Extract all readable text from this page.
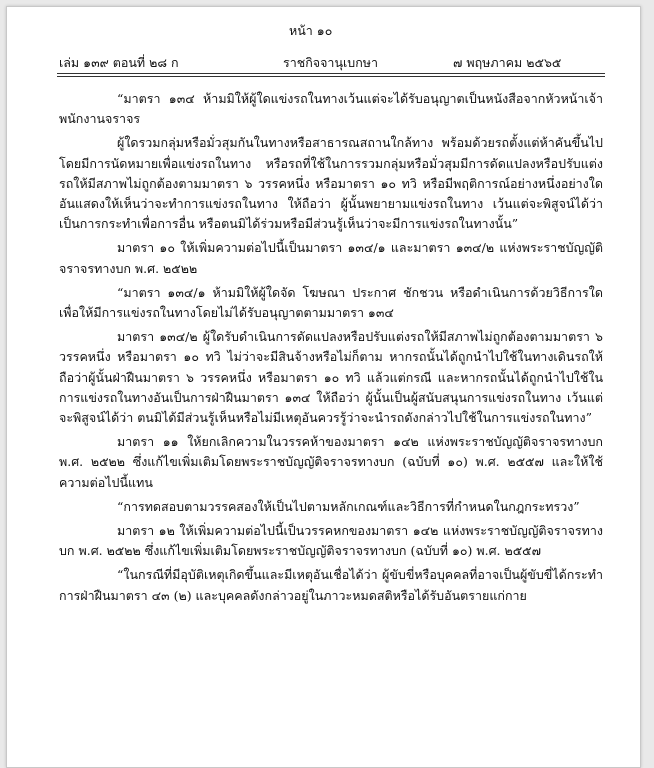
หน้า ๑๐
เล่ม ๑๓๙ ตอนที่ ๒๘ ก	ราชกิจจานุเบกษา	๗ พฤษภาคม ๒๕๖๕

“มาตรา ๑๓๔ ห้ามมิให้ผู้ใดแข่งรถในทางเว้นแต่จะได้รับอนุญาตเป็นหนังสือจากหัวหน้าเจ้าพนักงานจราจร

ผู้ใดรวมกลุ่มหรือมั่วสุมกันในทางหรือสาธารณสถานใกล้ทาง พร้อมด้วยรถตั้งแต่ห้าคันขึ้นไปโดยมีการนัดหมายเพื่อแข่งรถในทาง หรือรถที่ใช้ในการรวมกลุ่มหรือมั่วสุมมีการดัดแปลงหรือปรับแต่งรถให้มีสภาพไม่ถูกต้องตามมาตรา ๖ วรรคหนึ่ง หรือมาตรา ๑๐ ทวิ หรือมีพฤติการณ์อย่างหนึ่งอย่างใดอันแสดงให้เห็นว่าจะทำการแข่งรถในทาง ให้ถือว่า ผู้นั้นพยายามแข่งรถในทาง เว้นแต่จะพิสูจน์ได้ว่าเป็นการกระทำเพื่อการอื่น หรือตนมิได้ร่วมหรือมีส่วนรู้เห็นว่าจะมีการแข่งรถในทางนั้น”

มาตรา ๑๐ ให้เพิ่มความต่อไปนี้เป็นมาตรา ๑๓๔/๑ และมาตรา ๑๓๔/๒ แห่งพระราชบัญญัติจราจรทางบก พ.ศ. ๒๕๒๒

“มาตรา ๑๓๔/๑ ห้ามมิให้ผู้ใดจัด โฆษณา ประกาศ ชักชวน หรือดำเนินการด้วยวิธีการใดเพื่อให้มีการแข่งรถในทางโดยไม่ได้รับอนุญาตตามมาตรา ๑๓๔

มาตรา ๑๓๔/๒ ผู้ใดรับดำเนินการดัดแปลงหรือปรับแต่งรถให้มีสภาพไม่ถูกต้องตามมาตรา ๖ วรรคหนึ่ง หรือมาตรา ๑๐ ทวิ ไม่ว่าจะมีสินจ้างหรือไม่ก็ตาม หากรถนั้นได้ถูกนำไปใช้ในทางเดินรถให้ถือว่าผู้นั้นฝ่าฝืนมาตรา ๖ วรรคหนึ่ง หรือมาตรา ๑๐ ทวิ แล้วแต่กรณี และหากรถนั้นได้ถูกนำไปใช้ในการแข่งรถในทางอันเป็นการฝ่าฝืนมาตรา ๑๓๔ ให้ถือว่า ผู้นั้นเป็นผู้สนับสนุนการแข่งรถในทาง เว้นแต่จะพิสูจน์ได้ว่า ตนมิได้มีส่วนรู้เห็นหรือไม่มีเหตุอันควรรู้ว่าจะนำรถดังกล่าวไปใช้ในการแข่งรถในทาง”

มาตรา ๑๑ ให้ยกเลิกความในวรรคห้าของมาตรา ๑๔๒ แห่งพระราชบัญญัติจราจรทางบก พ.ศ. ๒๕๒๒ ซึ่งแก้ไขเพิ่มเติมโดยพระราชบัญญัติจราจรทางบก (ฉบับที่ ๑๐) พ.ศ. ๒๕๕๗ และให้ใช้ความต่อไปนี้แทน

“การทดสอบตามวรรคสองให้เป็นไปตามหลักเกณฑ์และวิธีการที่กำหนดในกฎกระทรวง”

มาตรา ๑๒ ให้เพิ่มความต่อไปนี้เป็นวรรคหกของมาตรา ๑๔๒ แห่งพระราชบัญญัติจราจรทางบก พ.ศ. ๒๕๒๒ ซึ่งแก้ไขเพิ่มเติมโดยพระราชบัญญัติจราจรทางบก (ฉบับที่ ๑๐) พ.ศ. ๒๕๕๗

“ในกรณีที่มีอุบัติเหตุเกิดขึ้นและมีเหตุอันเชื่อได้ว่า ผู้ขับขี่หรือบุคคลที่อาจเป็นผู้ขับขี่ได้กระทำการฝ่าฝืนมาตรา ๔๓ (๒) และบุคคลดังกล่าวอยู่ในภาวะหมดสติหรือได้รับอันตรายแก่กาย
